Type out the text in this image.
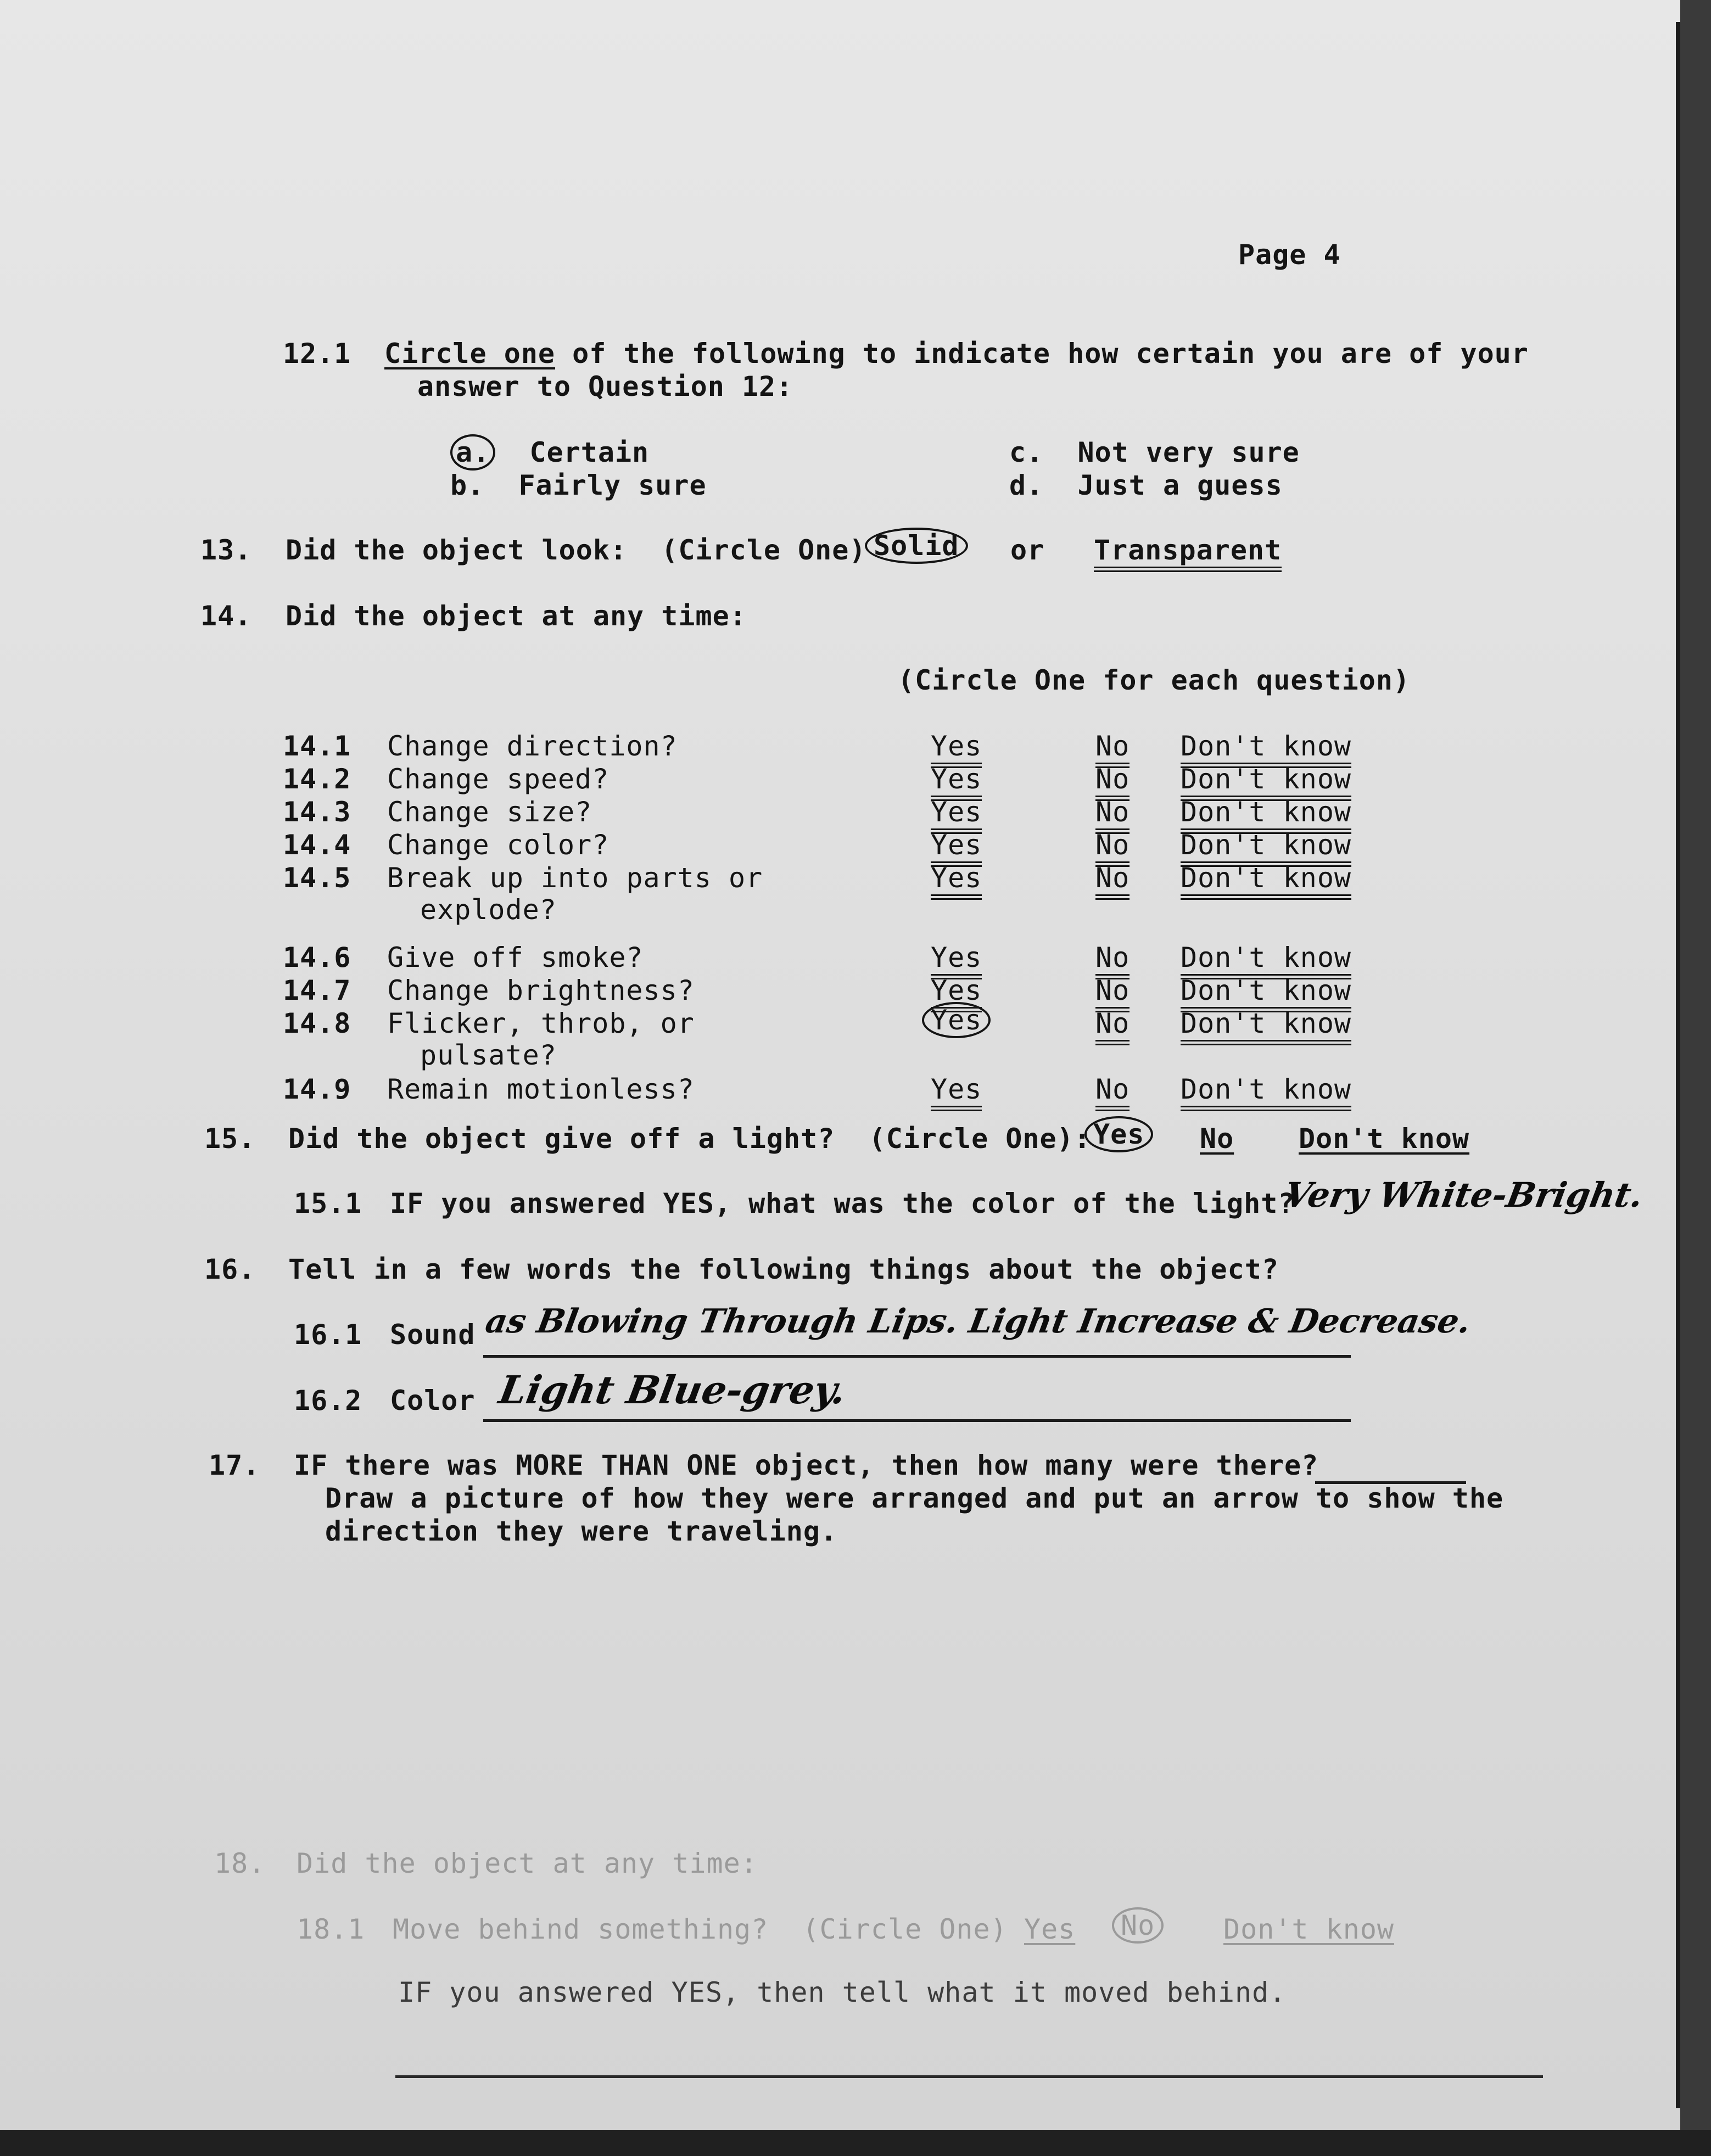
Page 4
12.1 Circle one of the following to indicate how certain you are of your
answer to Question 12:
a. Certain
b. Fairly sure
c. Not very sure
d. Just a guess
13. Did the object look:  (Circle One) Solid	or Transparent
14. Did the object at any time:
(Circle One for each question)
14.1 Change direction?	Yes	No Don't know
14.2 Change speed?	Yes	No Don't know
14.3 Change size?	Yes	No Don't know
14.4 Change color?	Yes	No Don't know
14.5 Break up into parts or
explode?
Yes	No Don't know
14.6 Give off smoke?	Yes	No Don't know
14.7 Change brightness?	Yes	No Don't know
14.8 Flicker, throb, or
pulsate?
Yes	No Don't know
14.9 Remain motionless?	Yes	No Don't know
15. Did the object give off a light?  (Circle One): Yes	No Don't know
15.1 IF you answered YES, what was the color of the light?
Very White-Bright.
16. Tell in a few words the following things about the object?
16.1 Sound as Blowing Through Lips. Light Increase & Decrease.
16.2 Color Light Blue-grey.
17. IF there was MORE THAN ONE object, then how many were there?
Draw a picture of how they were arranged and put an arrow to show the
direction they were traveling.
18. Did the object at any time:
18.1 Move behind something?  (Circle One) Yes	No	Don't know
IF you answered YES, then tell what it moved behind.
